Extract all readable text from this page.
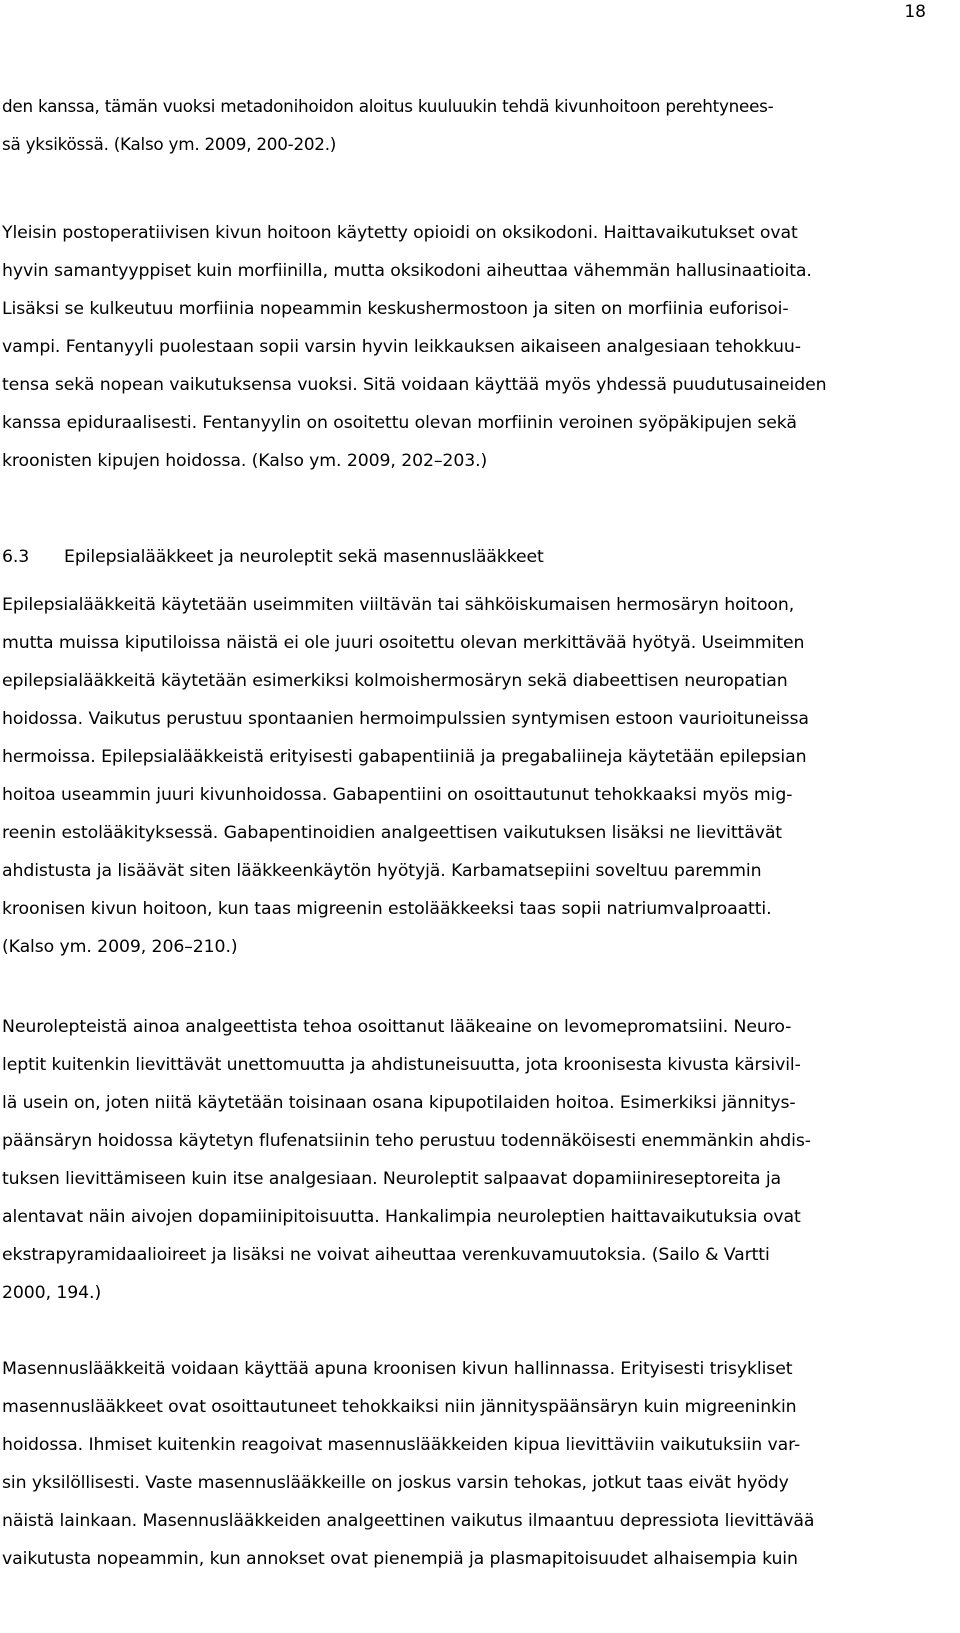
18

den kanssa, tämän vuoksi metadonihoidon aloitus kuuluukin tehdä kivunhoitoon perehtynees-
sä yksikössä. (Kalso ym. 2009, 200-202.)

Yleisin postoperatiivisen kivun hoitoon käytetty opioidi on oksikodoni. Haittavaikutukset ovat
hyvin samantyyppiset kuin morfiinilla, mutta oksikodoni aiheuttaa vähemmän hallusinaatioita.
Lisäksi se kulkeutuu morfiinia nopeammin keskushermostoon ja siten on morfiinia euforisoi-
vampi. Fentanyyli puolestaan sopii varsin hyvin leikkauksen aikaiseen analgesiaan tehokkuu-
tensa sekä nopean vaikutuksensa vuoksi. Sitä voidaan käyttää myös yhdessä puudutusaineiden
kanssa epiduraalisesti. Fentanyylin on osoitettu olevan morfiinin veroinen syöpäkipujen sekä
kroonisten kipujen hoidossa. (Kalso ym. 2009, 202–203.)

6.3 Epilepsialääkkeet ja neuroleptit sekä masennuslääkkeet

Epilepsialääkkeitä käytetään useimmiten viiltävän tai sähköiskumaisen hermosäryn hoitoon,
mutta muissa kiputiloissa näistä ei ole juuri osoitettu olevan merkittävää hyötyä. Useimmiten
epilepsialääkkeitä käytetään esimerkiksi kolmoishermosäryn sekä diabeettisen neuropatian
hoidossa. Vaikutus perustuu spontaanien hermoimpulssien syntymisen estoon vaurioituneissa
hermoissa. Epilepsialääkkeistä erityisesti gabapentiiniä ja pregabaliineja käytetään epilepsian
hoitoa useammin juuri kivunhoidossa. Gabapentiini on osoittautunut tehokkaaksi myös mig-
reenin estolääkityksessä. Gabapentinoidien analgeettisen vaikutuksen lisäksi ne lievittävät
ahdistusta ja lisäävät siten lääkkeenkäytön hyötyjä. Karbamatsepiini soveltuu paremmin
kroonisen kivun hoitoon, kun taas migreenin estolääkkeeksi taas sopii natriumvalproaatti.
(Kalso ym. 2009, 206–210.)

Neurolepteistä ainoa analgeettista tehoa osoittanut lääkeaine on levomepromatsiini. Neuro-
leptit kuitenkin lievittävät unettomuutta ja ahdistuneisuutta, jota kroonisesta kivusta kärsivil-
lä usein on, joten niitä käytetään toisinaan osana kipupotilaiden hoitoa. Esimerkiksi jännitys-
päänsäryn hoidossa käytetyn flufenatsiinin teho perustuu todennäköisesti enemmänkin ahdis-
tuksen lievittämiseen kuin itse analgesiaan. Neuroleptit salpaavat dopamiinireseptoreita ja
alentavat näin aivojen dopamiinipitoisuutta. Hankalimpia neuroleptien haittavaikutuksia ovat
ekstrapyramidaalioireet ja lisäksi ne voivat aiheuttaa verenkuvamuutoksia. (Sailo & Vartti
2000, 194.)

Masennuslääkkeitä voidaan käyttää apuna kroonisen kivun hallinnassa. Erityisesti trisykliset
masennuslääkkeet ovat osoittautuneet tehokkaiksi niin jännityspäänsäryn kuin migreeninkin
hoidossa. Ihmiset kuitenkin reagoivat masennuslääkkeiden kipua lievittäviin vaikutuksiin var-
sin yksilöllisesti. Vaste masennuslääkkeille on joskus varsin tehokas, jotkut taas eivät hyödy
näistä lainkaan. Masennuslääkkeiden analgeettinen vaikutus ilmaantuu depressiota lievittävää
vaikutusta nopeammin, kun annokset ovat pienempiä ja plasmapitoisuudet alhaisempia kuin
